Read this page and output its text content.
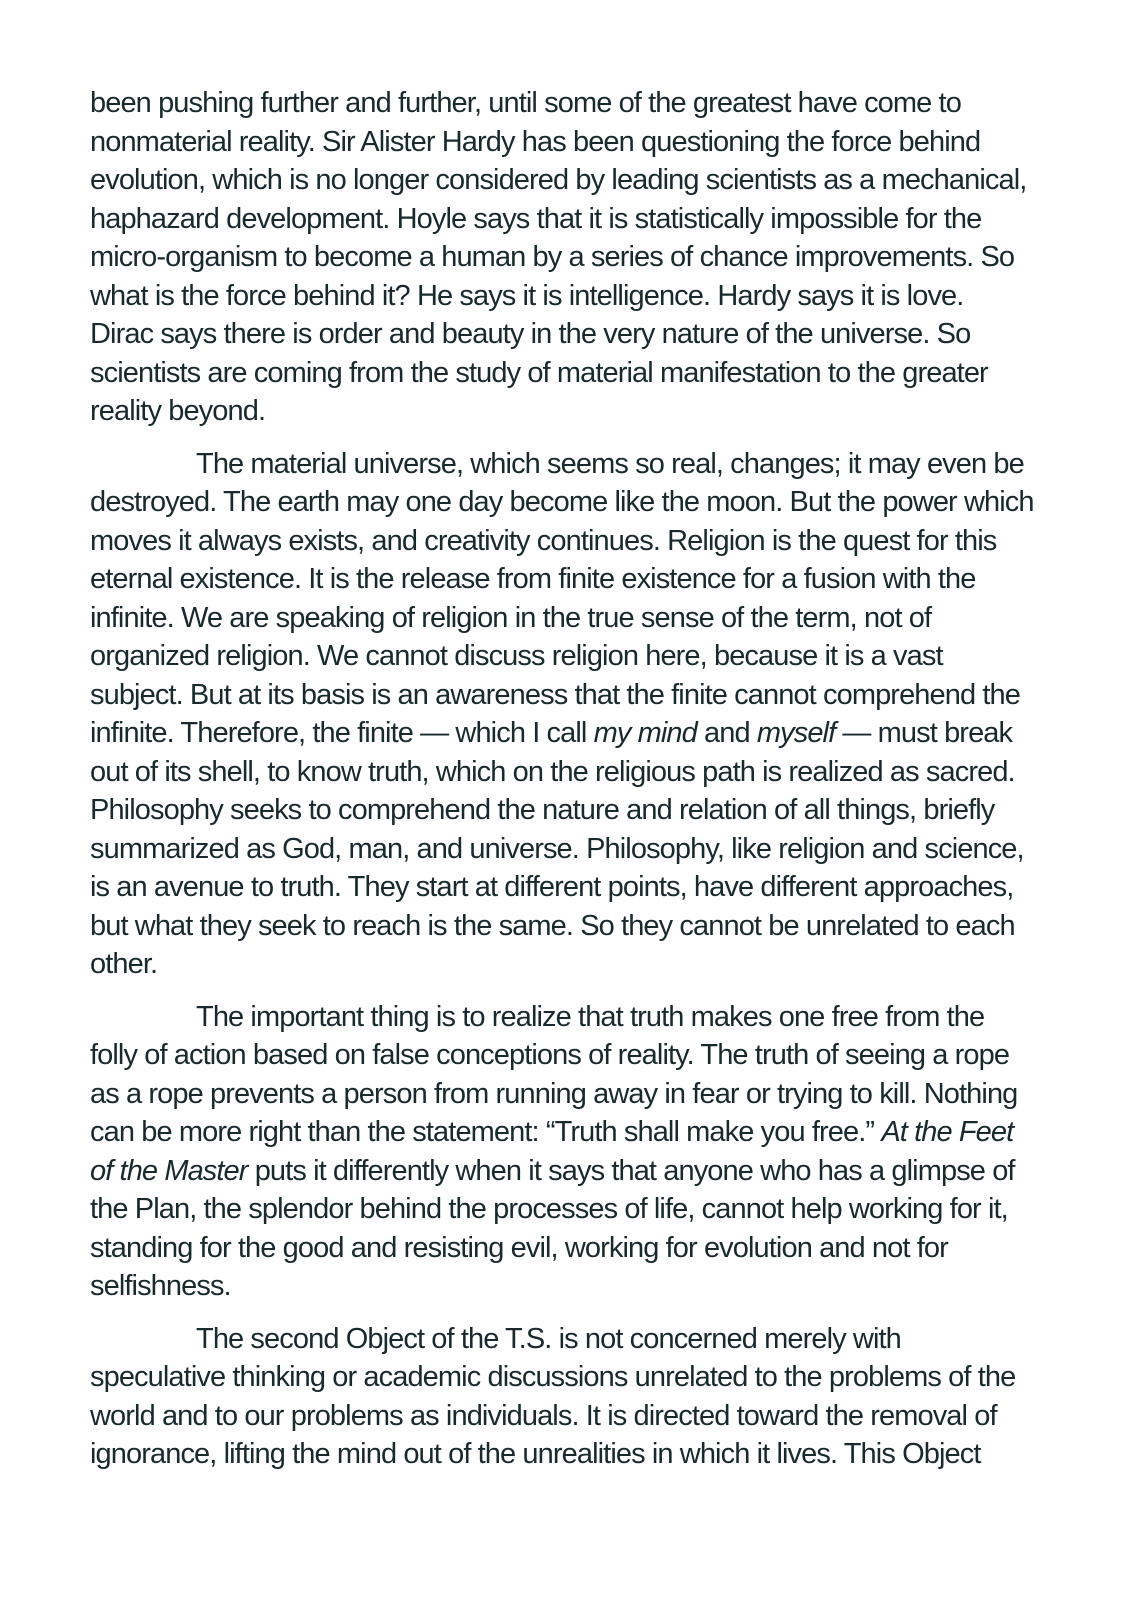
been pushing further and further, until some of the greatest have come to
nonmaterial reality. Sir Alister Hardy has been questioning the force behind
evolution, which is no longer considered by leading scientists as a mechanical,
haphazard development. Hoyle says that it is statistically impossible for the
micro-organism to become a human by a series of chance improvements. So
what is the force behind it? He says it is intelligence. Hardy says it is love.
Dirac says there is order and beauty in the very nature of the universe. So
scientists are coming from the study of material manifestation to the greater
reality beyond.
The material universe, which seems so real, changes; it may even be
destroyed. The earth may one day become like the moon. But the power which
moves it always exists, and creativity continues. Religion is the quest for this
eternal existence. It is the release from finite existence for a fusion with the
infinite. We are speaking of religion in the true sense of the term, not of
organized religion. We cannot discuss religion here, because it is a vast
subject. But at its basis is an awareness that the finite cannot comprehend the
infinite. Therefore, the finite — which I call my mind and myself — must break
out of its shell, to know truth, which on the religious path is realized as sacred.
Philosophy seeks to comprehend the nature and relation of all things, briefly
summarized as God, man, and universe. Philosophy, like religion and science,
is an avenue to truth. They start at different points, have different approaches,
but what they seek to reach is the same. So they cannot be unrelated to each
other.
The important thing is to realize that truth makes one free from the
folly of action based on false conceptions of reality. The truth of seeing a rope
as a rope prevents a person from running away in fear or trying to kill. Nothing
can be more right than the statement: “Truth shall make you free.” At the Feet
of the Master puts it differently when it says that anyone who has a glimpse of
the Plan, the splendor behind the processes of life, cannot help working for it,
standing for the good and resisting evil, working for evolution and not for
selfishness.
The second Object of the T.S. is not concerned merely with
speculative thinking or academic discussions unrelated to the problems of the
world and to our problems as individuals. It is directed toward the removal of
ignorance, lifting the mind out of the unrealities in which it lives. This Object
